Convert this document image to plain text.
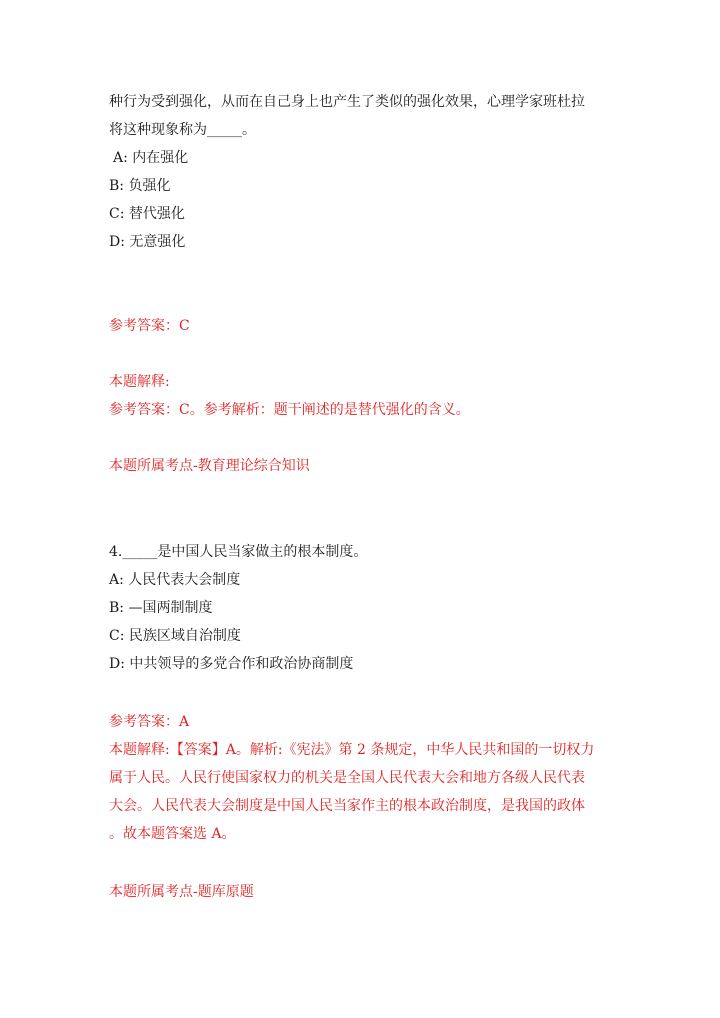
种行为受到强化，从而在自己身上也产生了类似的强化效果，心理学家班杜拉
将这种现象称为_____。
A: 内在强化
B: 负强化
C: 替代强化
D: 无意强化
参考答案：C
本题解释:
参考答案：C。参考解析：题干阐述的是替代强化的含义。
本题所属考点-教育理论综合知识
4._____是中国人民当家做主的根本制度。
A: 人民代表大会制度
B: —国两制制度
C: 民族区域自治制度
D: 中共领导的多党合作和政治协商制度
参考答案：A
本题解释:【答案】A。解析:《宪法》第 2 条规定，中华人民共和国的一切权力
属于人民。人民行使国家权力的机关是全国人民代表大会和地方各级人民代表
大会。人民代表大会制度是中国人民当家作主的根本政治制度，是我国的政体
。故本题答案选 A。
本题所属考点-题库原题
